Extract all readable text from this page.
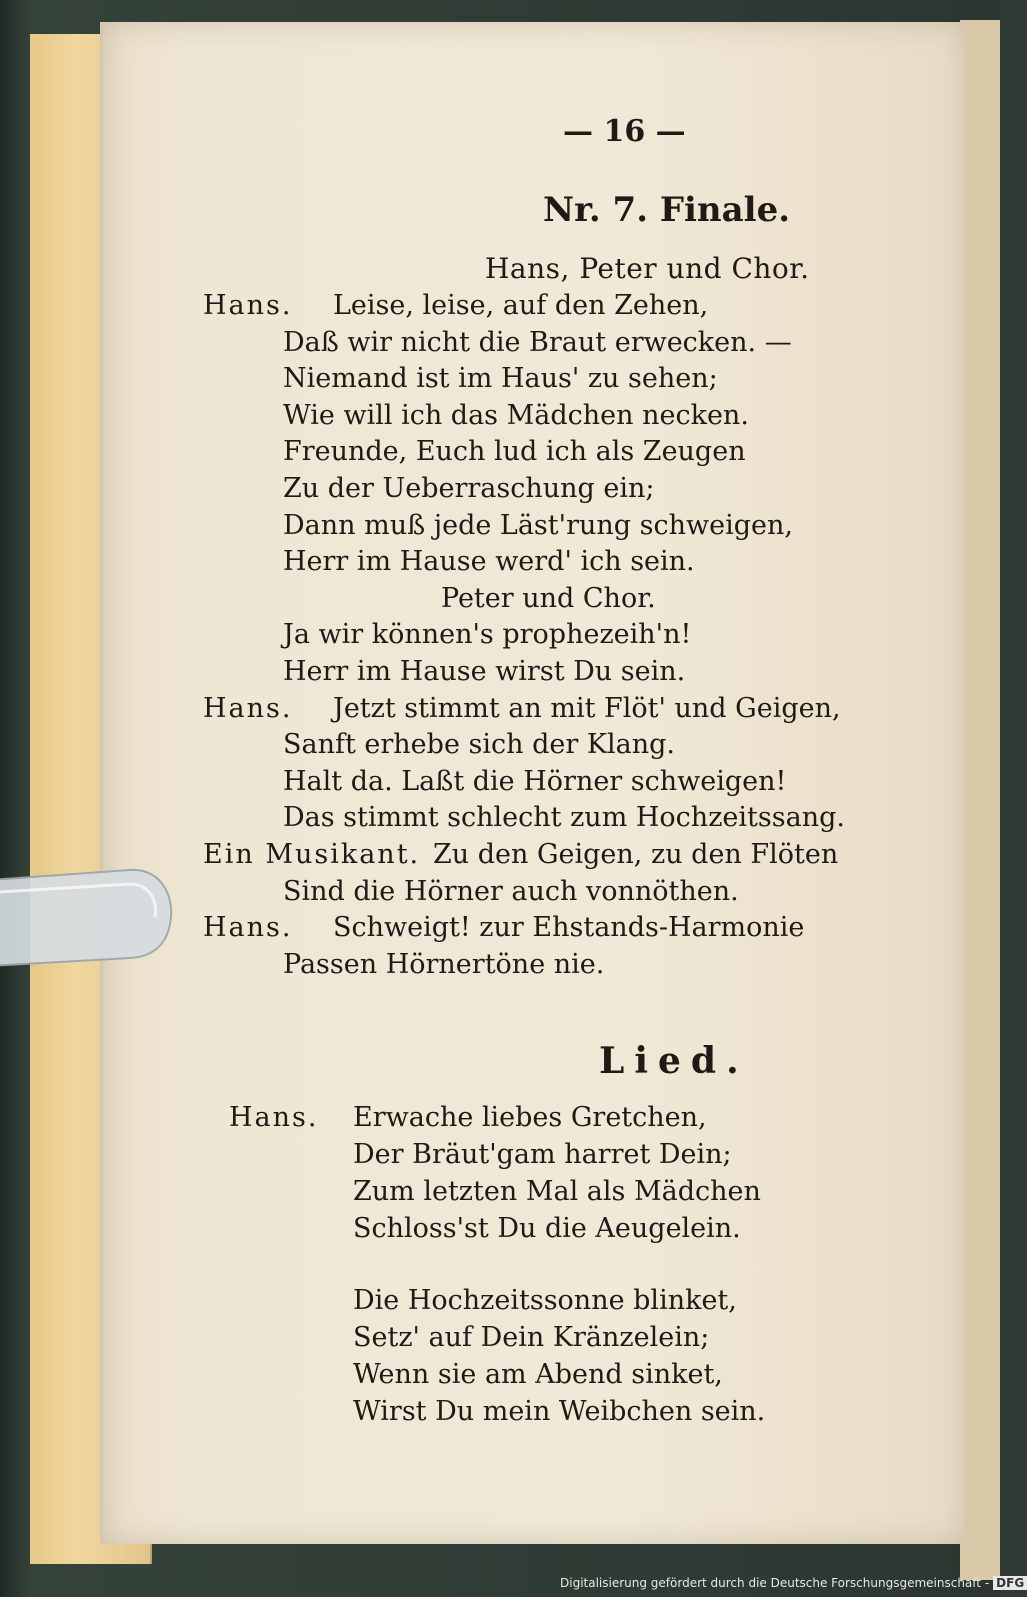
— 16 —
Nr. 7. Finale.
Hans, Peter und Chor.
Hans. Leise, leise, auf den Zehen,
Daß wir nicht die Braut erwecken. —
Niemand ist im Haus' zu sehen;
Wie will ich das Mädchen necken.
Freunde, Euch lud ich als Zeugen
Zu der Ueberraschung ein;
Dann muß jede Läst'rung schweigen,
Herr im Hause werd' ich sein.
Peter und Chor.
Ja wir können's prophezeih'n!
Herr im Hause wirst Du sein.
Hans. Jetzt stimmt an mit Flöt' und Geigen,
Sanft erhebe sich der Klang.
Halt da. Laßt die Hörner schweigen!
Das stimmt schlecht zum Hochzeitssang.
Ein Musikant. Zu den Geigen, zu den Flöten
Sind die Hörner auch vonnöthen.
Hans. Schweigt! zur Ehstands-Harmonie
Passen Hörnertöne nie.
Lied.
Hans. Erwache liebes Gretchen,
Der Bräut'gam harret Dein;
Zum letzten Mal als Mädchen
Schloss'st Du die Aeugelein.
Die Hochzeitssonne blinket,
Setz' auf Dein Kränzelein;
Wenn sie am Abend sinket,
Wirst Du mein Weibchen sein.
Digitalisierung gefördert durch die Deutsche Forschungsgemeinschaft - DFG
